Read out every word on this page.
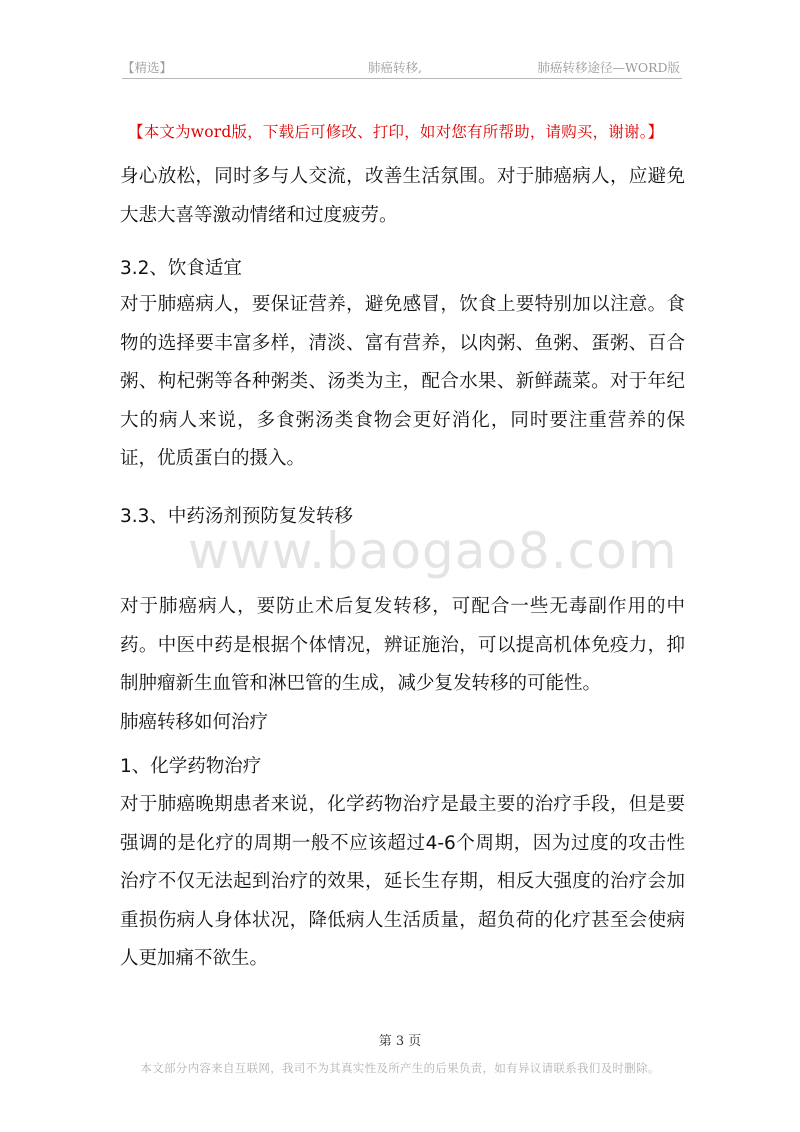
【精选】	肺癌转移,	肺癌转移途径—WORD版
【本文为word版，下载后可修改、打印，如对您有所帮助，请购买，谢谢。】
身心放松，同时多与人交流，改善生活氛围。对于肺癌病人，应避免大悲大喜等激动情绪和过度疲劳。
3.2、饮食适宜
对于肺癌病人，要保证营养，避免感冒，饮食上要特别加以注意。食物的选择要丰富多样，清淡、富有营养，以肉粥、鱼粥、蛋粥、百合粥、枸杞粥等各种粥类、汤类为主，配合水果、新鲜蔬菜。对于年纪大的病人来说，多食粥汤类食物会更好消化，同时要注重营养的保证，优质蛋白的摄入。
3.3、中药汤剂预防复发转移
对于肺癌病人，要防止术后复发转移，可配合一些无毒副作用的中药。中医中药是根据个体情况，辨证施治，可以提高机体免疫力，抑制肿瘤新生血管和淋巴管的生成，减少复发转移的可能性。
肺癌转移如何治疗
1、化学药物治疗
对于肺癌晚期患者来说，化学药物治疗是最主要的治疗手段，但是要强调的是化疗的周期一般不应该超过4-6个周期，因为过度的攻击性治疗不仅无法起到治疗的效果，延长生存期，相反大强度的治疗会加重损伤病人身体状况，降低病人生活质量，超负荷的化疗甚至会使病人更加痛不欲生。
www.baogao8.com
第 3 页
本文部分内容来自互联网，我司不为其真实性及所产生的后果负责，如有异议请联系我们及时删除。
